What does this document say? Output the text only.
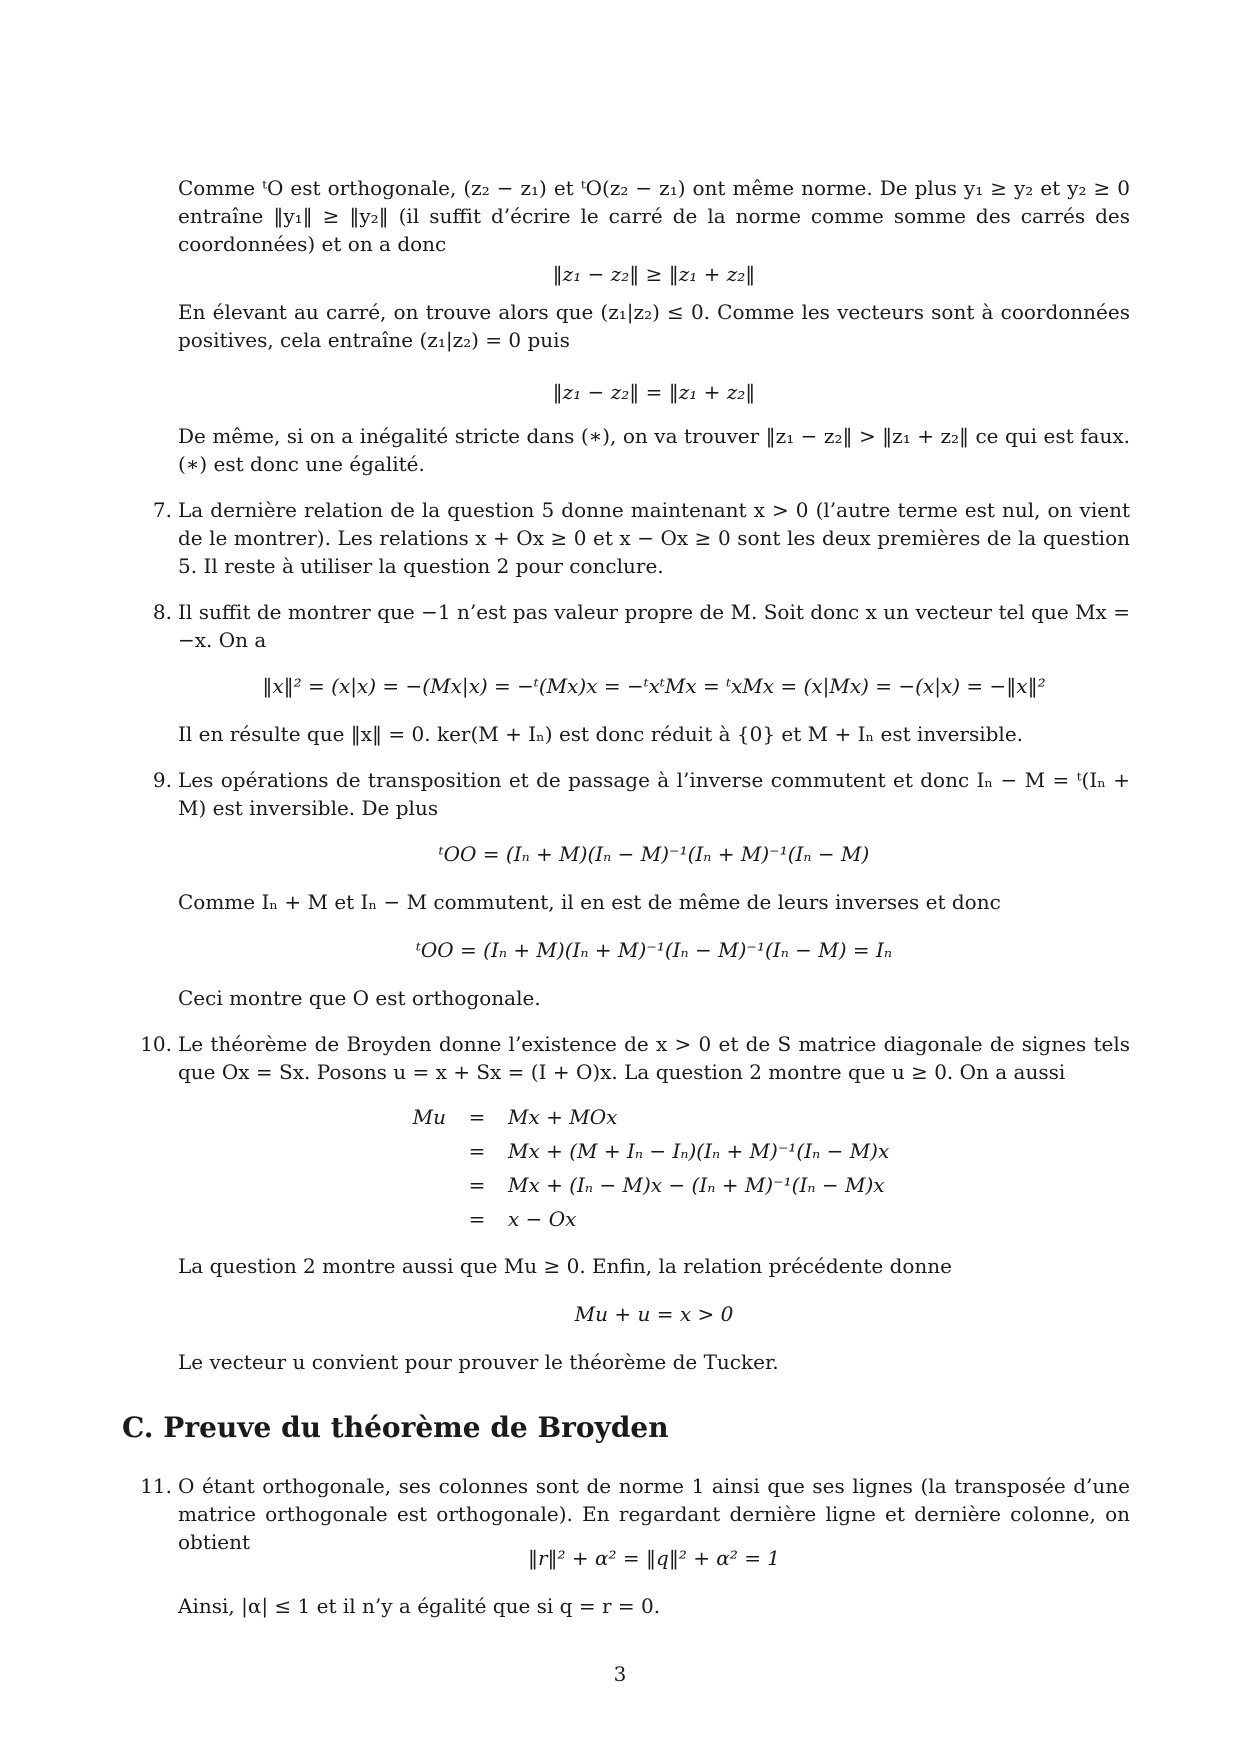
Comme ᵗO est orthogonale, (z₂ − z₁) et ᵗO(z₂ − z₁) ont même norme. De plus y₁ ≥ y₂ et y₂ ≥ 0 entraîne ‖y₁‖ ≥ ‖y₂‖ (il suffit d’écrire le carré de la norme comme somme des carrés des coordonnées) et on a donc

‖z₁ − z₂‖ ≥ ‖z₁ + z₂‖

En élevant au carré, on trouve alors que (z₁|z₂) ≤ 0. Comme les vecteurs sont à coordonnées positives, cela entraîne (z₁|z₂) = 0 puis

‖z₁ − z₂‖ = ‖z₁ + z₂‖

De même, si on a inégalité stricte dans (∗), on va trouver ‖z₁ − z₂‖ > ‖z₁ + z₂‖ ce qui est faux. (∗) est donc une égalité.

7. La dernière relation de la question 5 donne maintenant x > 0 (l’autre terme est nul, on vient de le montrer). Les relations x + Ox ≥ 0 et x − Ox ≥ 0 sont les deux premières de la question 5. Il reste à utiliser la question 2 pour conclure.

8. Il suffit de montrer que −1 n’est pas valeur propre de M. Soit donc x un vecteur tel que Mx = −x. On a

‖x‖² = (x|x) = −(Mx|x) = −ᵗ(Mx)x = −ᵗxᵗMx = ᵗxMx = (x|Mx) = −(x|x) = −‖x‖²

Il en résulte que ‖x‖ = 0. ker(M + Iₙ) est donc réduit à {0} et M + Iₙ est inversible.

9. Les opérations de transposition et de passage à l’inverse commutent et donc Iₙ − M = ᵗ(Iₙ + M) est inversible. De plus

ᵗOO = (Iₙ + M)(Iₙ − M)⁻¹(Iₙ + M)⁻¹(Iₙ − M)

Comme Iₙ + M et Iₙ − M commutent, il en est de même de leurs inverses et donc

ᵗOO = (Iₙ + M)(Iₙ + M)⁻¹(Iₙ − M)⁻¹(Iₙ − M) = Iₙ

Ceci montre que O est orthogonale.

10. Le théorème de Broyden donne l’existence de x > 0 et de S matrice diagonale de signes tels que Ox = Sx. Posons u = x + Sx = (I + O)x. La question 2 montre que u ≥ 0. On a aussi

Mu	=	Mx + MOx
	=	Mx + (M + Iₙ − Iₙ)(Iₙ + M)⁻¹(Iₙ − M)x
	=	Mx + (Iₙ − M)x − (Iₙ + M)⁻¹(Iₙ − M)x
	=	x − Ox

La question 2 montre aussi que Mu ≥ 0. Enfin, la relation précédente donne

Mu + u = x > 0

Le vecteur u convient pour prouver le théorème de Tucker.

C. Preuve du théorème de Broyden
11. O étant orthogonale, ses colonnes sont de norme 1 ainsi que ses lignes (la transposée d’une matrice orthogonale est orthogonale). En regardant dernière ligne et dernière colonne, on obtient

‖r‖² + α² = ‖q‖² + α² = 1

Ainsi, |α| ≤ 1 et il n’y a égalité que si q = r = 0.

3
